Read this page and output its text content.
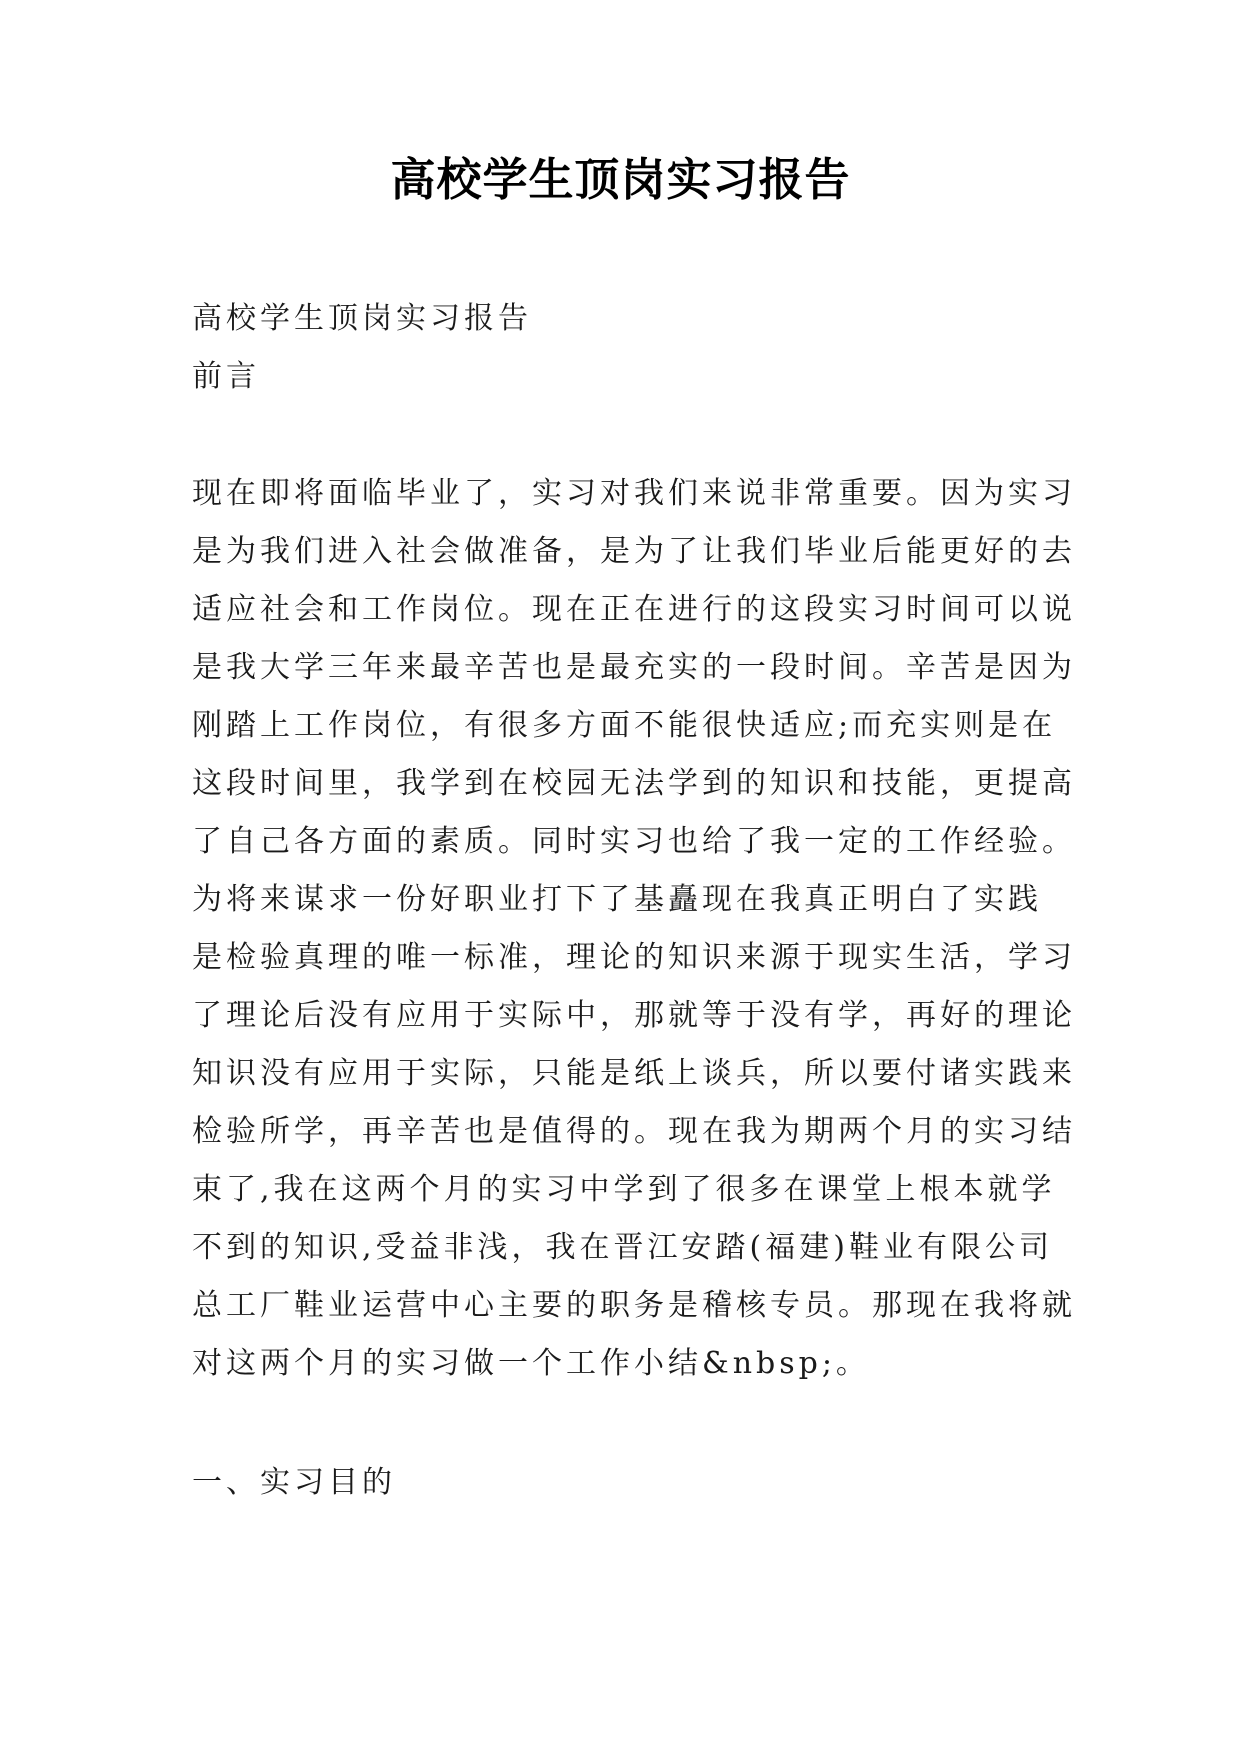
高校学生顶岗实习报告
高校学生顶岗实习报告
前言
现在即将面临毕业了，实习对我们来说非常重要。因为实习
是为我们进入社会做准备，是为了让我们毕业后能更好的去
适应社会和工作岗位。现在正在进行的这段实习时间可以说
是我大学三年来最辛苦也是最充实的一段时间。辛苦是因为
刚踏上工作岗位，有很多方面不能很快适应;而充实则是在
这段时间里，我学到在校园无法学到的知识和技能，更提高
了自己各方面的素质。同时实习也给了我一定的工作经验。
为将来谋求一份好职业打下了基矗现在我真正明白了实践
是检验真理的唯一标准，理论的知识来源于现实生活，学习
了理论后没有应用于实际中，那就等于没有学，再好的理论
知识没有应用于实际，只能是纸上谈兵，所以要付诸实践来
检验所学，再辛苦也是值得的。现在我为期两个月的实习结
束了,我在这两个月的实习中学到了很多在课堂上根本就学
不到的知识,受益非浅，我在晋江安踏(福建)鞋业有限公司
总工厂鞋业运营中心主要的职务是稽核专员。那现在我将就
对这两个月的实习做一个工作小结&nbsp;。
一、实习目的
